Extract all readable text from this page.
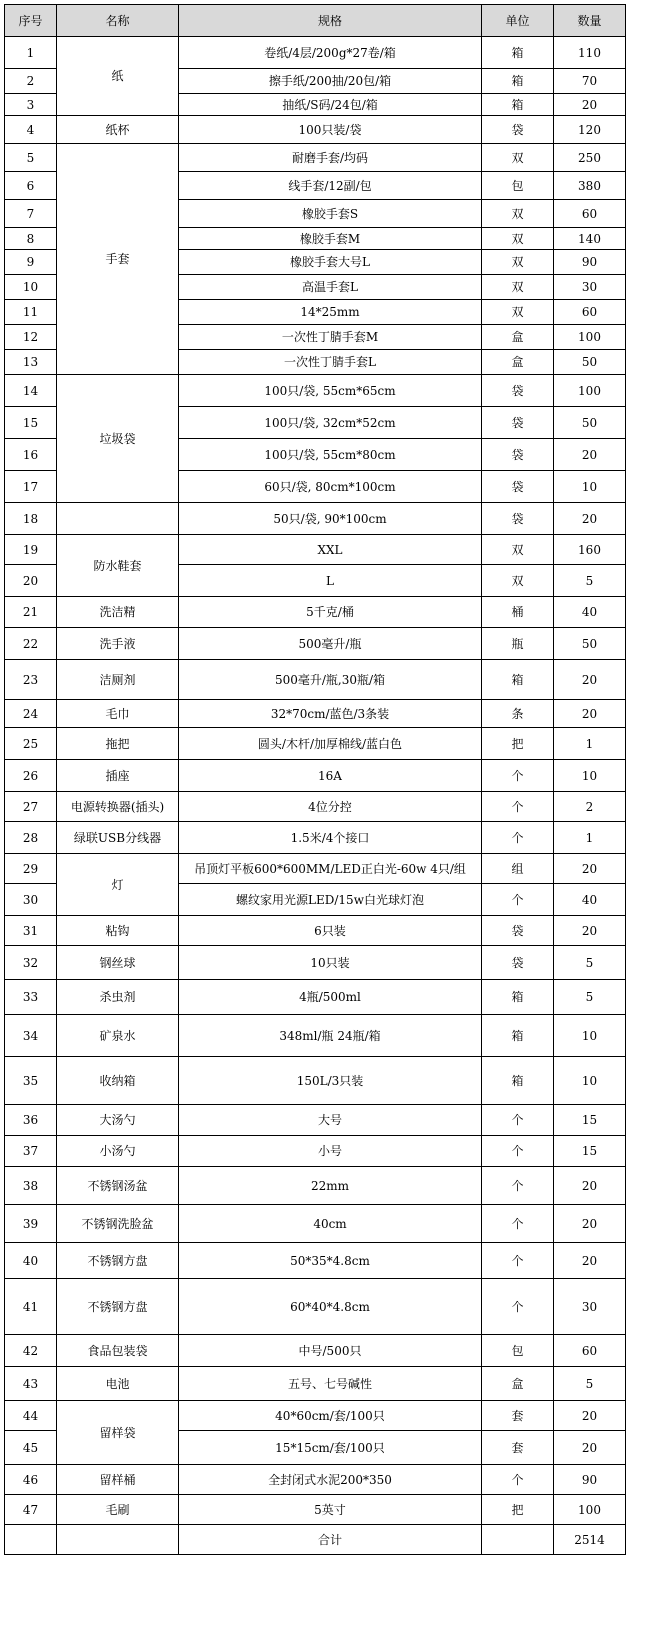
序号	名称	规格	单位	数量
1	纸	卷纸/4层/200g*27卷/箱	箱	110
2		擦手纸/200抽/20包/箱	箱	70
3		抽纸/S码/24包/箱	箱	20
4	纸杯	100只装/袋	袋	120
5	手套	耐磨手套/均码	双	250
6		线手套/12副/包	包	380
7		橡胶手套S	双	60
8		橡胶手套M	双	140
9		橡胶手套大号L	双	90
10		高温手套L	双	30
11		14*25mm	双	60
12		一次性丁腈手套M	盒	100
13		一次性丁腈手套L	盒	50
14	垃圾袋	100只/袋, 55cm*65cm	袋	100
15		100只/袋, 32cm*52cm	袋	50
16		100只/袋, 55cm*80cm	袋	20
17		60只/袋, 80cm*100cm	袋	10
18		50只/袋, 90*100cm	袋	20
19	防水鞋套	XXL	双	160
20		L	双	5
21	洗洁精	5千克/桶	桶	40
22	洗手液	500毫升/瓶	瓶	50
23	洁厕剂	500毫升/瓶,30瓶/箱	箱	20
24	毛巾	32*70cm/蓝色/3条装	条	20
25	拖把	圆头/木杆/加厚棉线/蓝白色	把	1
26	插座	16A	个	10
27	电源转换器(插头)	4位分控	个	2
28	绿联USB分线器	1.5米/4个接口	个	1
29	灯	吊顶灯平板600*600MM/LED正白光-60w 4只/组	组	20
30		螺纹家用光源LED/15w白光球灯泡	个	40
31	粘钩	6只装	袋	20
32	钢丝球	10只装	袋	5
33	杀虫剂	4瓶/500ml	箱	5
34	矿泉水	348ml/瓶 24瓶/箱	箱	10
35	收纳箱	150L/3只装	箱	10
36	大汤勺	大号	个	15
37	小汤勺	小号	个	15
38	不锈钢汤盆	22mm	个	20
39	不锈钢洗脸盆	40cm	个	20
40	不锈钢方盘	50*35*4.8cm	个	20
41	不锈钢方盘	60*40*4.8cm	个	30
42	食品包装袋	中号/500只	包	60
43	电池	五号、七号碱性	盒	5
44	留样袋	40*60cm/套/100只	套	20
45		15*15cm/套/100只	套	20
46	留样桶	全封闭式水泥200*350	个	90
47	毛刷	5英寸	把	100
		合计		2514
